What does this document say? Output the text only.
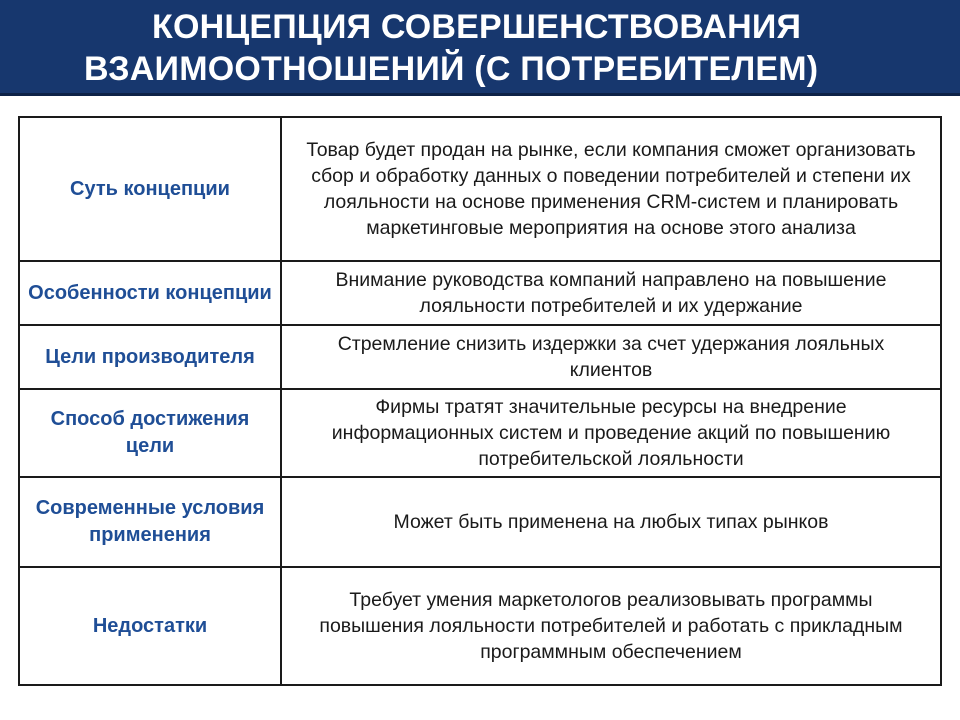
КОНЦЕПЦИЯ СОВЕРШЕНСТВОВАНИЯ
ВЗАИМООТНОШЕНИЙ (С ПОТРЕБИТЕЛЕМ)
Суть концепции	Товар будет продан на рынке, если компания сможет организовать сбор и обработку данных о поведении потребителей и степени их лояльности на основе применения CRM-систем и планировать маркетинговые мероприятия на основе этого анализа
Особенности концепции	Внимание руководства компаний направлено на повышение лояльности потребителей и их удержание
Цели производителя	Стремление снизить издержки за счет удержания лояльных клиентов
Способ достижения цели	Фирмы тратят значительные ресурсы на внедрение информационных систем и проведение акций по повышению потребительской лояльности
Современные условия применения	Может быть применена на любых типах рынков
Недостатки	Требует умения маркетологов реализовывать программы повышения лояльности потребителей и работать с прикладным программным обеспечением
